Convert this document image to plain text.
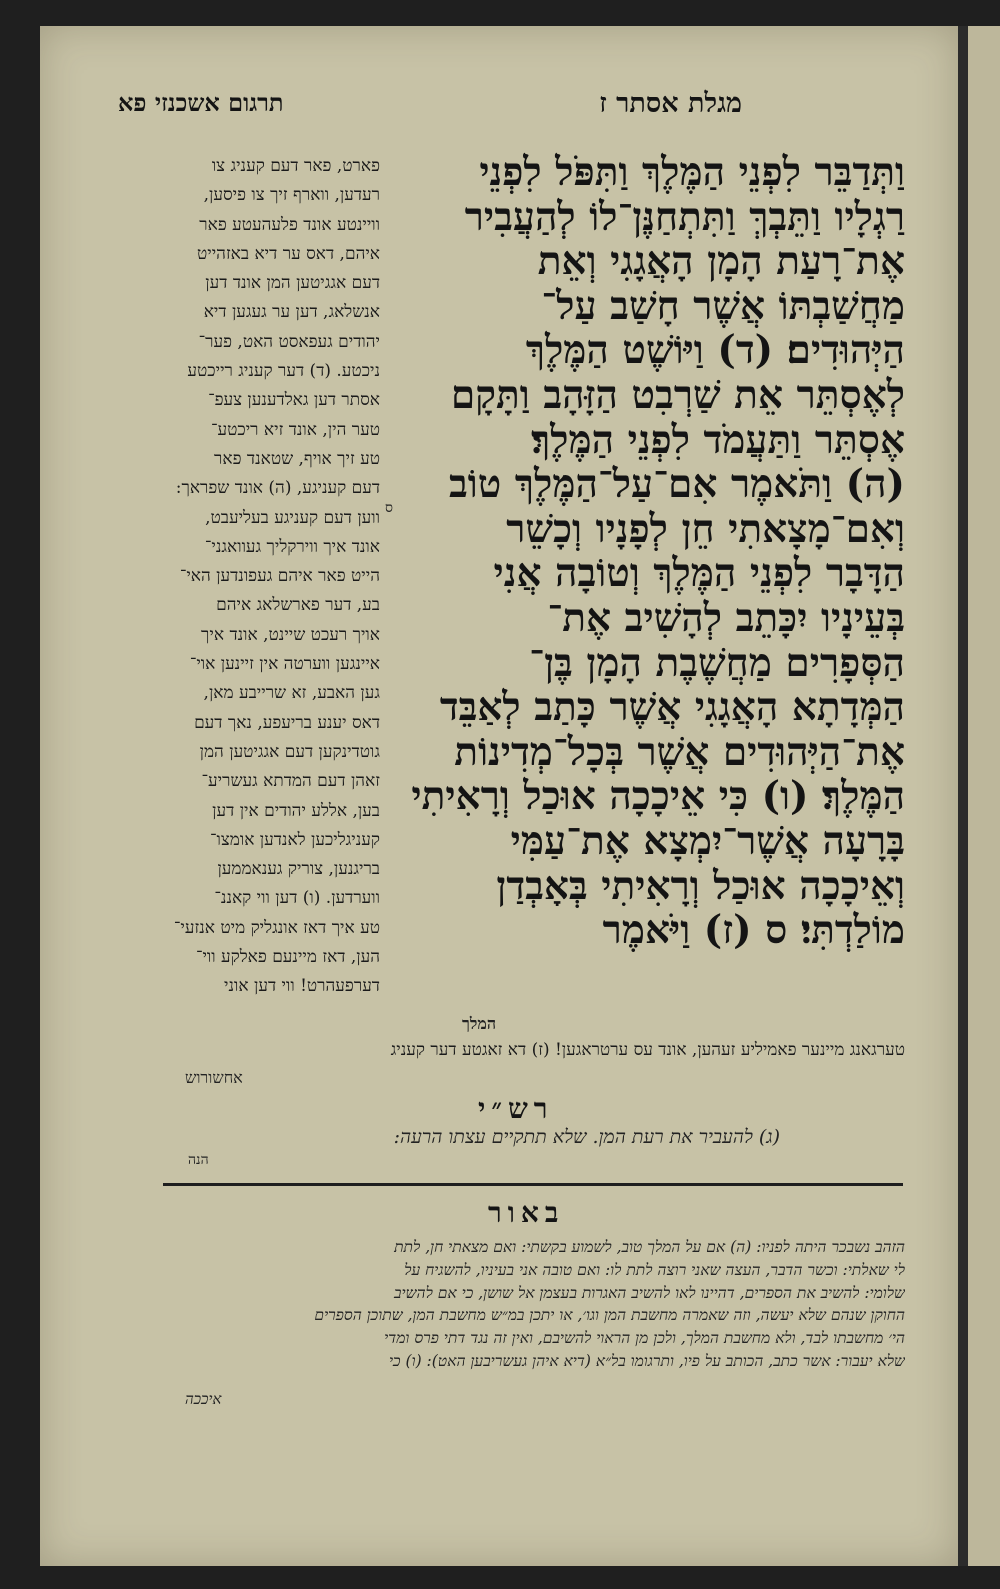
מגלת אסתר ז
תרגום אשכנזי פא
וַתְּדַבֵּר לִפְנֵי הַמֶּלֶךְ וַתִּפֹּל לִפְנֵי
רַגְלָיו וַתֵּבְךְּ וַתִּתְחַנֶּן־לוֹ לְהַעֲבִיר
אֶת־רָעַת הָמָן הָאֲגָגִי וְאֵת
מַחֲשַׁבְתּוֹ אֲשֶׁר חָשַׁב עַל־
הַיְּהוּדִים׃ (ד) וַיּוֹשֶׁט הַמֶּלֶךְ
לְאֶסְתֵּר אֵת שַׁרְבִט הַזָּהָב וַתָּקָם
אֶסְתֵּר וַתַּעֲמֹד לִפְנֵי הַמֶּלֶךְ׃
(ה) וַתֹּאמֶר אִם־עַל־הַמֶּלֶךְ טוֹב
וְאִם־מָצָאתִי חֵן לְפָנָיו וְכָשֵׁר
הַדָּבָר לִפְנֵי הַמֶּלֶךְ וְטוֹבָה אֲנִי
בְּעֵינָיו יִכָּתֵב לְהָשִׁיב אֶת־
הַסְּפָרִים מַחֲשֶׁבֶת הָמָן בֶּן־
הַמְּדָתָא הָאֲגָגִי אֲשֶׁר כָּתַב לְאַבֵּד
אֶת־הַיְּהוּדִים אֲשֶׁר בְּכָל־מְדִינוֹת
הַמֶּלֶךְ׃ (ו) כִּי אֵיכָכָה אוּכַל וְרָאִיתִי
בָּרָעָה אֲשֶׁר־יִמְצָא אֶת־עַמִּי
וְאֵיכָכָה אוּכַל וְרָאִיתִי בְּאָבְדַן
מוֹלַדְתִּי׃ ס (ז) וַיֹּאמֶר
המלך
ס
פארט, פאר דעם קעניג צו
רעדען, ווארף זיך צו פיסען,
וויינטע אונד פלעהעטע פאר
איהם, דאס ער דיא באזהייט
דעם אגגיטען המן אונד דען
אנשלאג, דען ער געגען דיא
יהודים געפאסט האט, פער־
ניכטע. (ד) דער קעניג רייכטע
אסתר דען גאלדענען צעפ־
טער הין, אונד זיא ריכטע־
טע זיך אויף, שטאנד פאר
דעם קעניגע, (ה) אונד שפראך:
ווען דעם קעניגע בעליעבט,
אונד איך ווירקליך געוואגני־
הייט פאר איהם געפונדען האי־
בע, דער פארשלאג איהם
אויך רעכט שיינט, אונד איך
איינגען ווערטה אין זיינען אוי־
גען האבע, זא שרייבע מאן,
דאס יענע בריעפע, נאך דעם
גוטדינקען דעם אגגיטען המן
זאהן דעם המדתא געשריע־
בען, אללע יהודים אין דען
קעניגליכען לאנדען אומצו־
בריגנען, צוריק גענאממען
ווערדען. (ו) דען ווי קאננ־
טע איך דאז אונגליק מיט אנזעי־
הען, דאז מיינעם פאלקע ווי־
דערפעהרט! ווי דען אוני
טערגאנג מיינער פאמיליע זעהען, אונד עס ערטראגען! (ז) דא זאגטע דער קעניג
אחשורוש
רש״י
(ג) להעביר את רעת המן. שלא תתקיים עצתו הרעה:
הנה
באור
הזהב נשבכר היתה לפניו: (ה) אם על המלך טוב, לשמוע בקשתי: ואם מצאתי חן, לתת
לי שאלתי: וכשר הדבר, העצה שאני רוצה לתת לו: ואם טובה אני בעיניו, להשגיח על
שלומי: להשיב את הספרים, דהיינו לאו להשיב האגרות בעצמן אל שושן, כי אם להשיב
החוקן שנהם שלא יעשה, וזה שאמרה מחשבת המן וגו׳, או יתכן במ״ש מחשבת המן, שתוכן הספרים
הי׳ מחשבתו לבד, ולא מחשבת המלך, ולכן מן הראוי להשיבם, ואין זה נגד דתי פרס ומדי
שלא יעבור: אשר כתב, הכותב על פיו, ותרגומו בל״א (דיא איהן געשריבען האט): (ו) כי
איככה
